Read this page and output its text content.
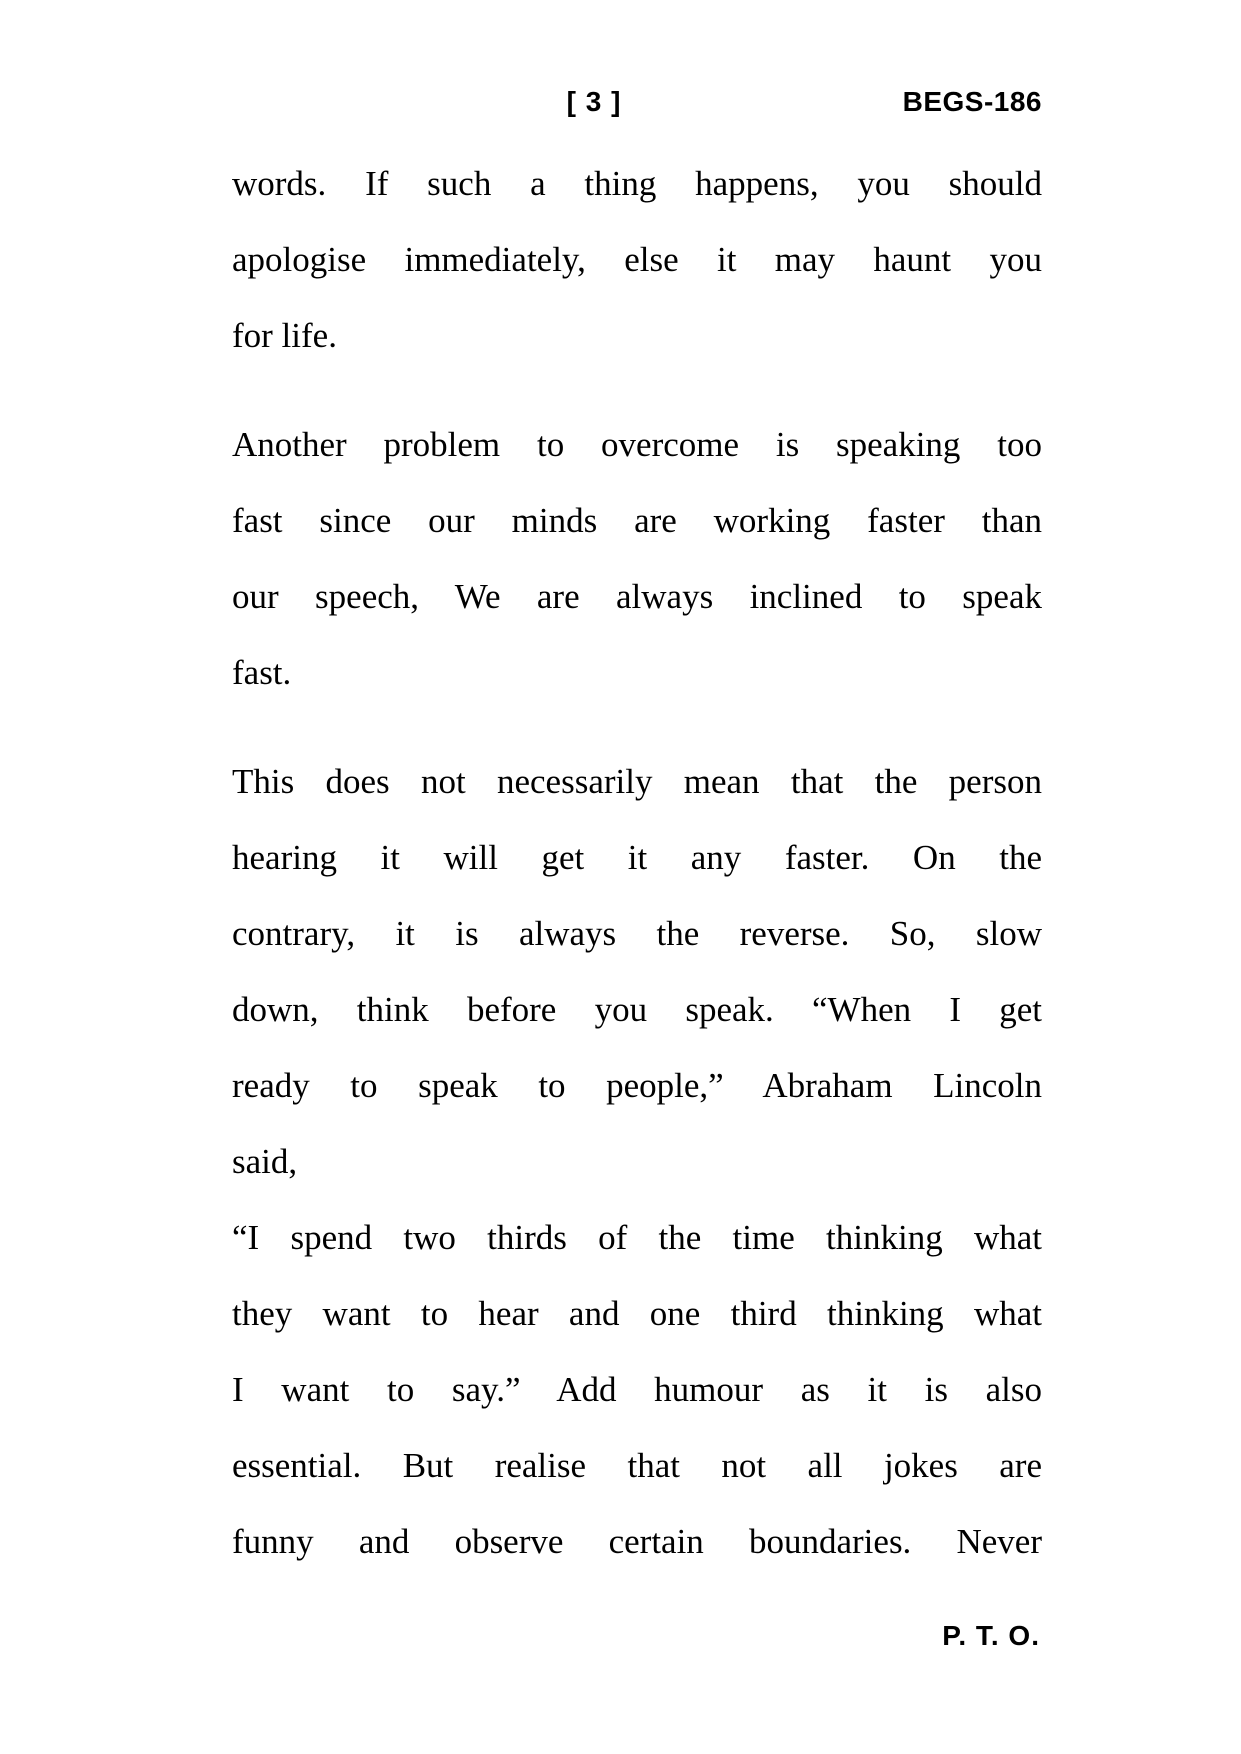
[ 3 ]	BEGS-186
words. If such a thing happens, you should
apologise immediately, else it may haunt you
for life.
Another problem to overcome is speaking too
fast since our minds are working faster than
our speech, We are always inclined to speak
fast.
This does not necessarily mean that the person
hearing it will get it any faster. On the
contrary, it is always the reverse. So, slow
down, think before you speak. “When I get
ready to speak to people,” Abraham Lincoln
said,
“I spend two thirds of the time thinking what
they want to hear and one third thinking what
I want to say.” Add humour as it is also
essential. But realise that not all jokes are
funny and observe certain boundaries. Never
P. T. O.
